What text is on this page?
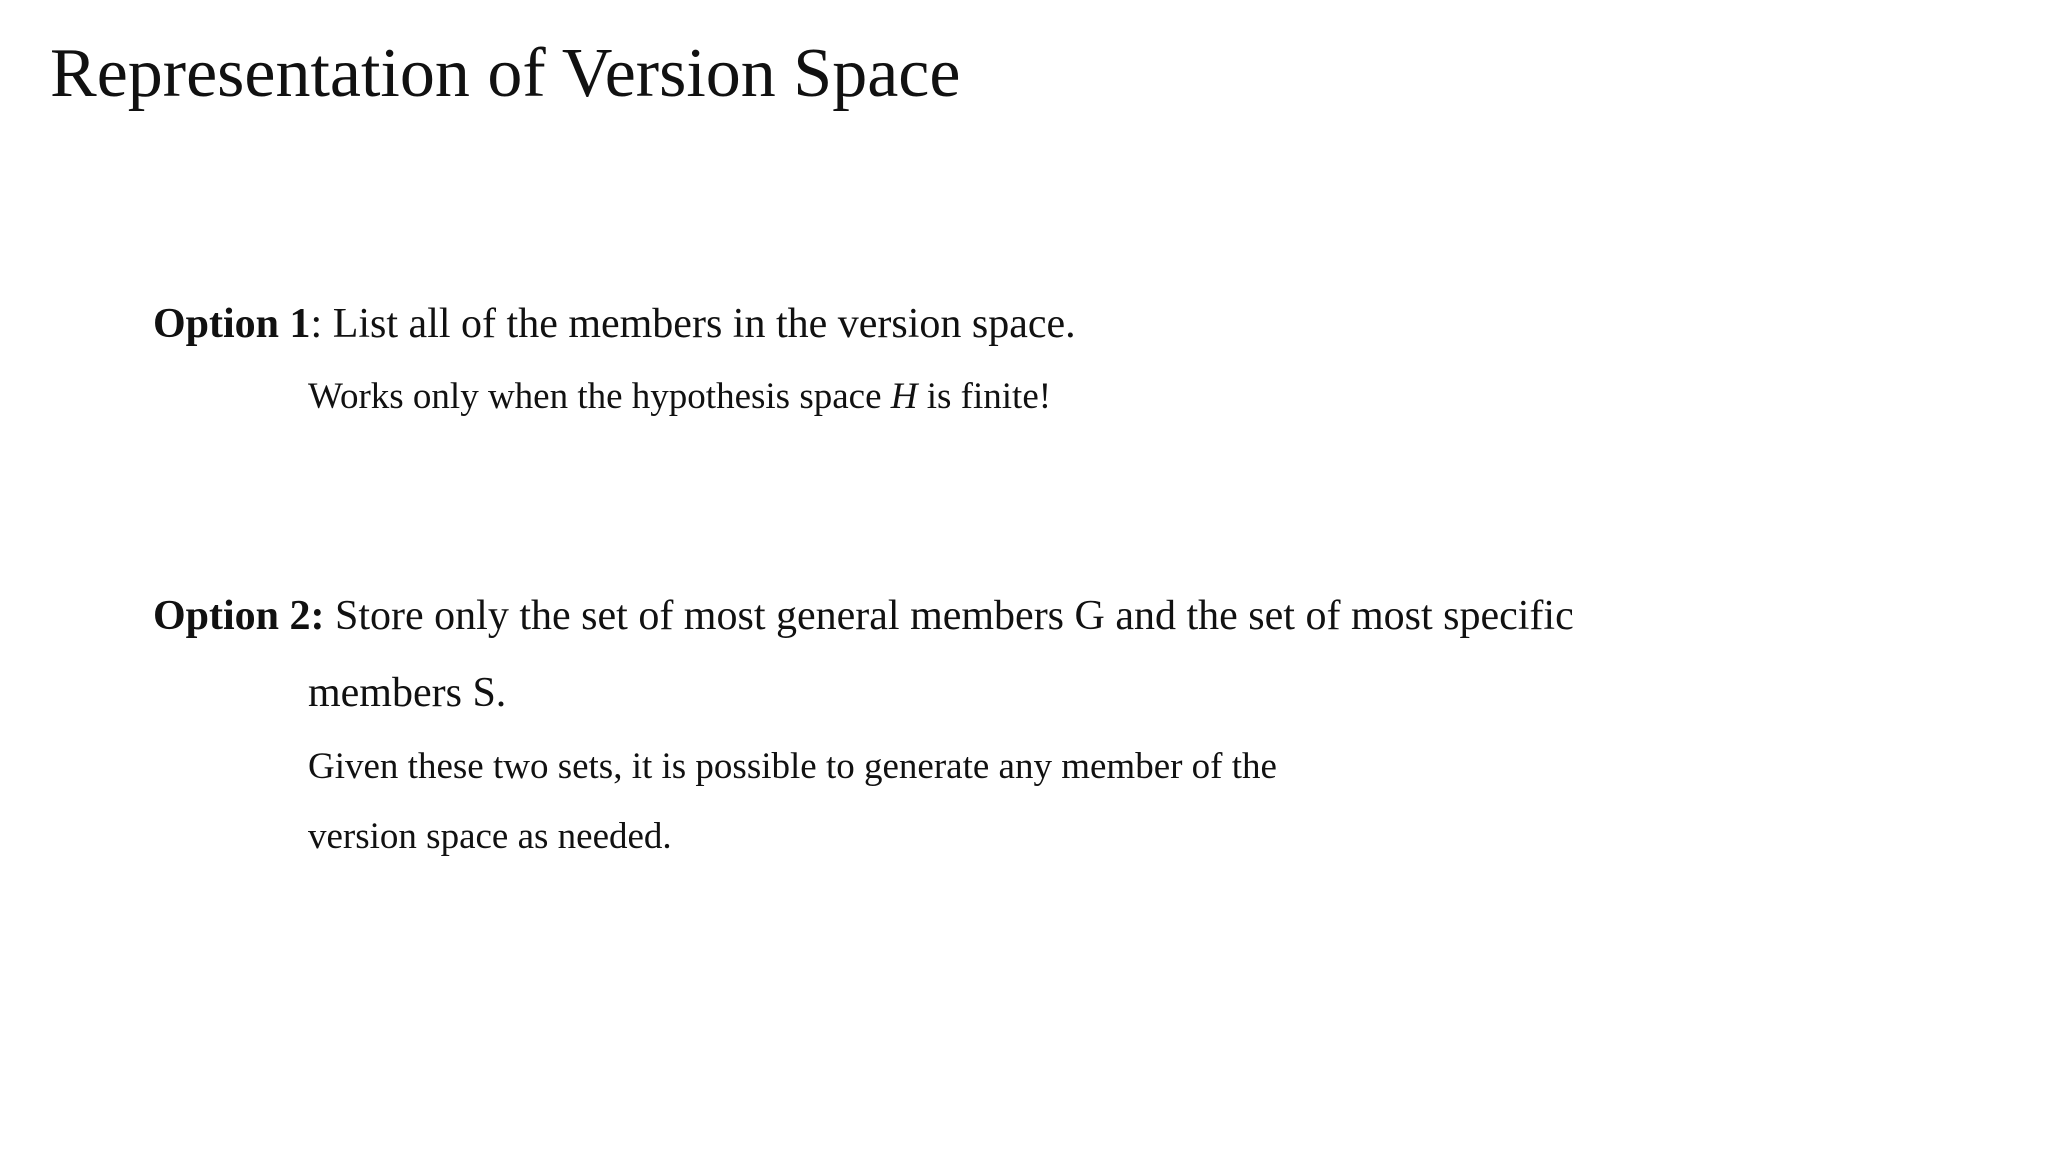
Representation of Version Space
Option 1: List all of the members in the version space.
Works only when the hypothesis space H is finite!
Option 2: Store only the set of most general members G and the set of most specific
members S.
Given these two sets, it is possible to generate any member of the
version space as needed.
